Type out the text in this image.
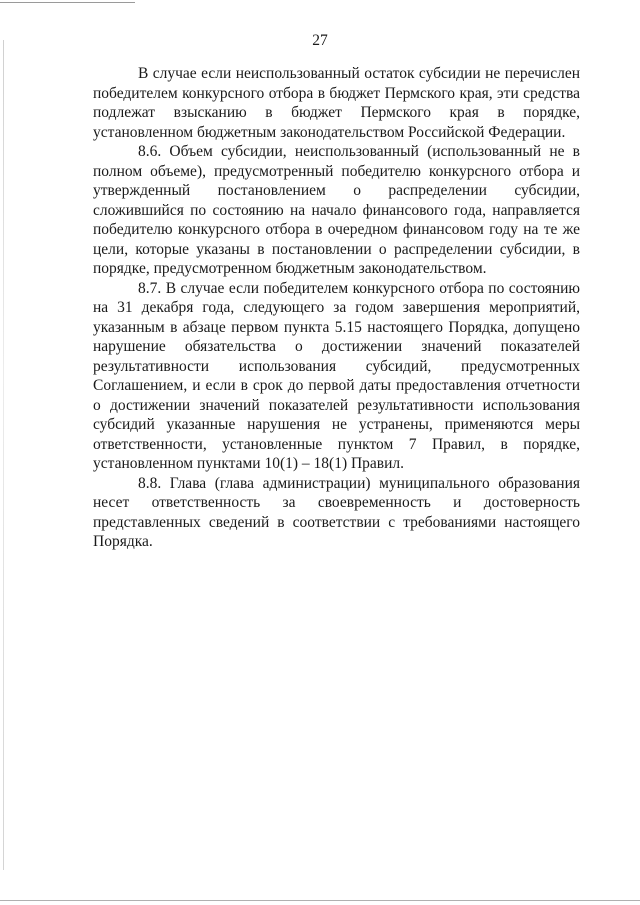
27

В случае если неиспользованный остаток субсидии не перечислен победителем конкурсного отбора в бюджет Пермского края, эти средства подлежат взысканию в бюджет Пермского края в порядке, установленном бюджетным законодательством Российской Федерации.

8.6. Объем субсидии, неиспользованный (использованный не в полном объеме), предусмотренный победителю конкурсного отбора и утвержденный постановлением о распределении субсидии, сложившийся по состоянию на начало финансового года, направляется победителю конкурсного отбора в очередном финансовом году на те же цели, которые указаны в постановлении о распределении субсидии, в порядке, предусмотренном бюджетным законодательством.

8.7. В случае если победителем конкурсного отбора по состоянию на 31 декабря года, следующего за годом завершения мероприятий, указанным в абзаце первом пункта 5.15 настоящего Порядка, допущено нарушение обязательства о достижении значений показателей результативности использования субсидий, предусмотренных Соглашением, и если в срок до первой даты предоставления отчетности о достижении значений показателей результативности использования субсидий указанные нарушения не устранены, применяются меры ответственности, установленные пунктом 7 Правил, в порядке, установленном пунктами 10(1) – 18(1) Правил.

8.8. Глава (глава администрации) муниципального образования несет ответственность за своевременность и достоверность представленных сведений в соответствии с требованиями настоящего Порядка.
